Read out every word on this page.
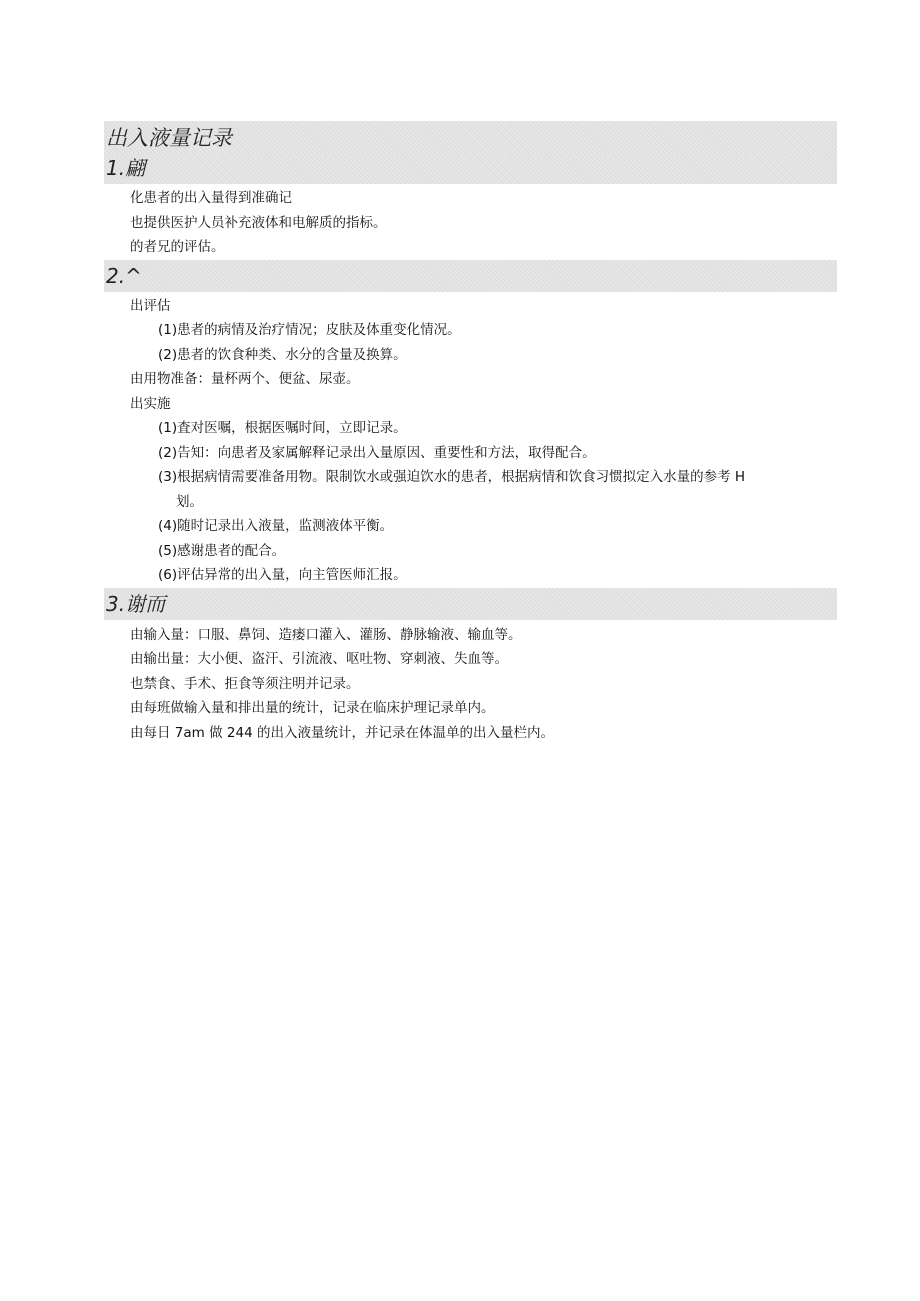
出入液量记录
1.翩
化患者的出入量得到准确记
也提供医护人员补充液体和电解质的指标。
的者兄的评估。
2.^
出评估
(1)患者的病情及治疗情况；皮肤及体重变化情况。
(2)患者的饮食种类、水分的含量及换算。
由用物准备：量杯两个、便盆、尿壶。
出实施
(1)査对医嘱，根据医嘱时间，立即记录。
(2)告知：向患者及家属解释记录出入量原因、重要性和方法，取得配合。
(3)根据病情需要准备用物。限制饮水或强迫饮水的患者，根据病情和饮食习惯拟定入水量的参考 H
划。
(4)随时记录出入液量，监测液体平衡。
(5)感谢患者的配合。
(6)评估异常的出入量，向主管医师汇报。
3.谢而
由输入量：口服、鼻饲、造瘘口灌入、灌肠、静脉输液、输血等。
由输出量：大小便、盗汗、引流液、呕吐物、穿刺液、失血等。
也禁食、手术、拒食等须注明并记录。
由每班做输入量和排出量的统计，记录在临床护理记录单内。
由每日 7am 做 244 的出入液量统计，并记录在体温单的出入量栏内。
